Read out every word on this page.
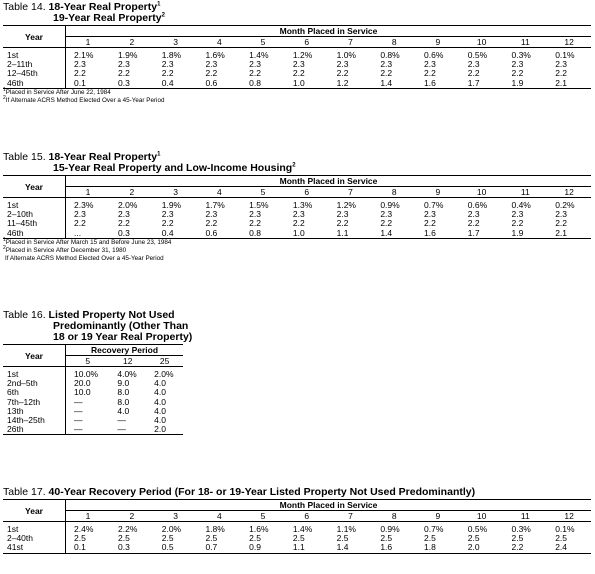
Table 14. 18-Year Real Property$^1$
19-Year Real Property$^2$
Year	Month Placed in Service											
	1	2	3	4	5	6	7	8	9	10	11	12
1st	2.1%	1.9%	1.8%	1.6%	1.4%	1.2%	1.0%	0.8%	0.6%	0.5%	0.3%	0.1%
2–11th	2.3	2.3	2.3	2.3	2.3	2.3	2.3	2.3	2.3	2.3	2.3	2.3
12–45th	2.2	2.2	2.2	2.2	2.2	2.2	2.2	2.2	2.2	2.2	2.2	2.2
46th	0.1	0.3	0.4	0.6	0.8	1.0	1.2	1.4	1.6	1.7	1.9	2.1
$^1$Placed in Service After June 22, 1984
$^2$If Alternate ACRS Method Elected Over a 45-Year Period
Table 15. 18-Year Real Property$^1$
15-Year Real Property and Low-Income Housing$^2$
Year	Month Placed in Service											
	1	2	3	4	5	6	7	8	9	10	11	12
1st	2.3%	2.0%	1.9%	1.7%	1.5%	1.3%	1.2%	0.9%	0.7%	0.6%	0.4%	0.2%
2–10th	2.3	2.3	2.3	2.3	2.3	2.3	2.3	2.3	2.3	2.3	2.3	2.3
11–45th	2.2	2.2	2.2	2.2	2.2	2.2	2.2	2.2	2.2	2.2	2.2	2.2
46th	...	0.3	0.4	0.6	0.8	1.0	1.1	1.4	1.6	1.7	1.9	2.1
$^1$Placed in Service After March 15 and Before June 23, 1984
$^2$Placed in Service After December 31, 1980
If Alternate ACRS Method Elected Over a 45-Year Period
Table 16. Listed Property Not Used
Predominantly (Other Than
18 or 19 Year Real Property)
Year	Recovery Period		
	5	12	25
1st	10.0%	4.0%	2.0%
2nd–5th	20.0	9.0	4.0
6th	10.0	8.0	4.0
7th–12th	—	8.0	4.0
13th	—	4.0	4.0
14th–25th	—	—	4.0
26th	—	—	2.0
Table 17. 40-Year Recovery Period (For 18- or 19-Year Listed Property Not Used Predominantly)
Year	Month Placed in Service											
	1	2	3	4	5	6	7	8	9	10	11	12
1st	2.4%	2.2%	2.0%	1.8%	1.6%	1.4%	1.1%	0.9%	0.7%	0.5%	0.3%	0.1%
2–40th	2.5	2.5	2.5	2.5	2.5	2.5	2.5	2.5	2.5	2.5	2.5	2.5
41st	0.1	0.3	0.5	0.7	0.9	1.1	1.4	1.6	1.8	2.0	2.2	2.4
